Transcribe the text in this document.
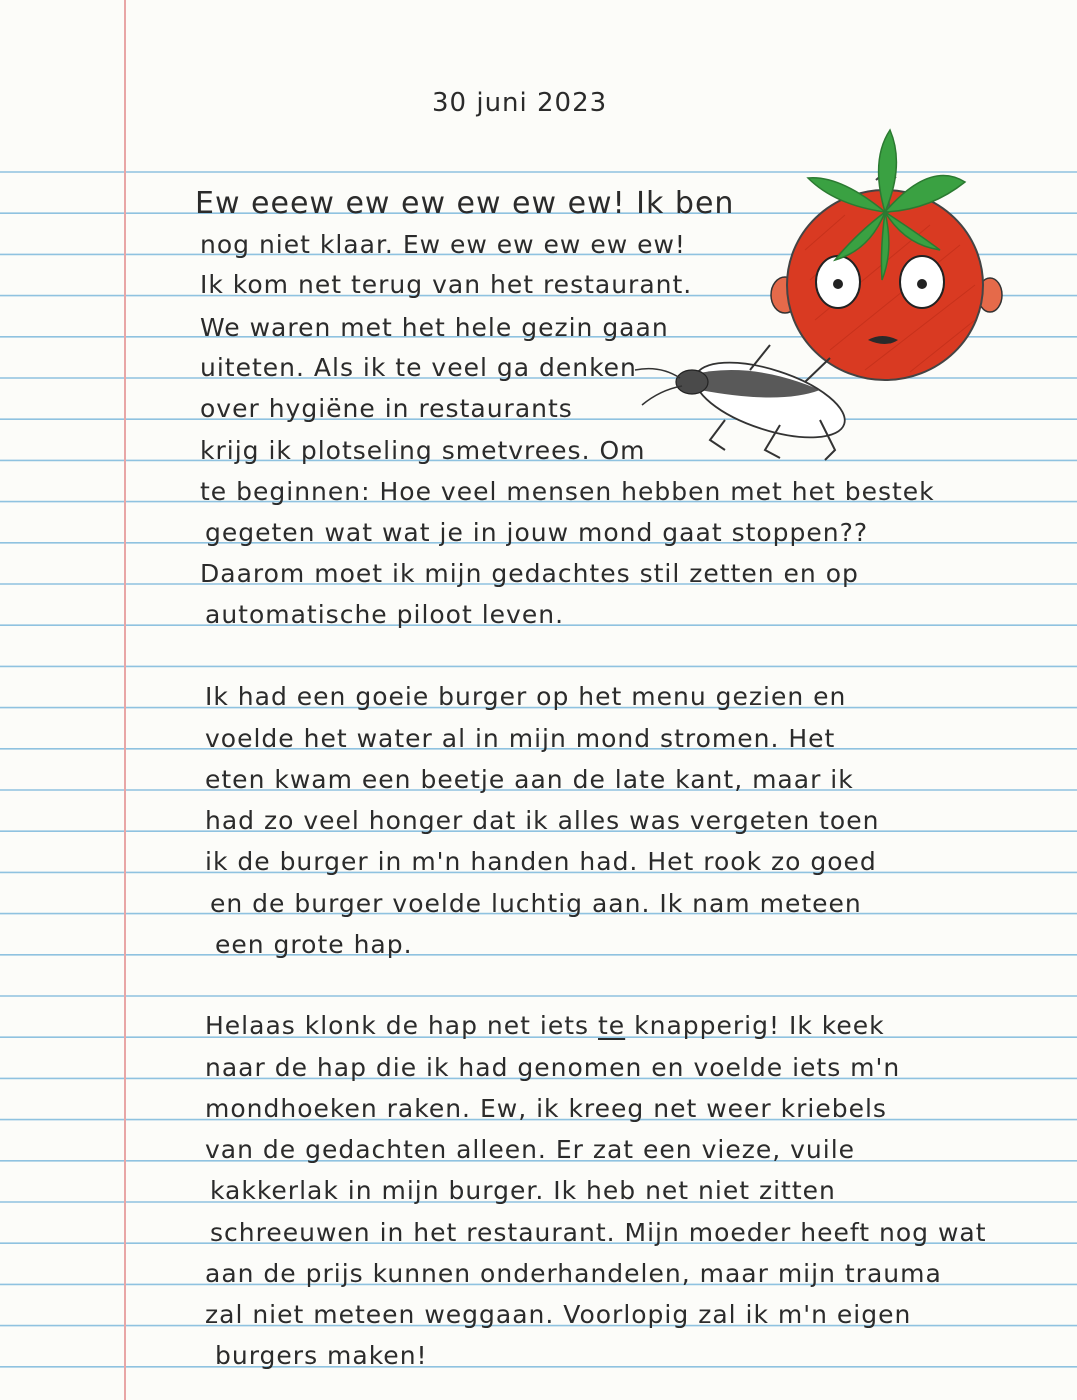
30 juni 2023
Ew eeew ew ew ew ew ew! Ik ben
nog niet klaar. Ew ew ew ew ew ew!
Ik kom net terug van het restaurant.
We waren met het hele gezin gaan
uiteten. Als ik te veel ga denken
over hygiëne in restaurants
krijg ik plotseling smetvrees. Om
te beginnen: Hoe veel mensen hebben met het bestek
gegeten wat wat je in jouw mond gaat stoppen??
Daarom moet ik mijn gedachtes stil zetten en op
automatische piloot leven.
Ik had een goeie burger op het menu gezien en
voelde het water al in mijn mond stromen. Het
eten kwam een beetje aan de late kant, maar ik
had zo veel honger dat ik alles was vergeten toen
ik de burger in m'n handen had. Het rook zo goed
en de burger voelde luchtig aan. Ik nam meteen
een grote hap.
Helaas klonk de hap net iets te knapperig! Ik keek
naar de hap die ik had genomen en voelde iets m'n
mondhoeken raken. Ew, ik kreeg net weer kriebels
van de gedachten alleen. Er zat een vieze, vuile
kakkerlak in mijn burger. Ik heb net niet zitten
schreeuwen in het restaurant. Mijn moeder heeft nog wat
aan de prijs kunnen onderhandelen, maar mijn trauma
zal niet meteen weggaan. Voorlopig zal ik m'n eigen
burgers maken!
